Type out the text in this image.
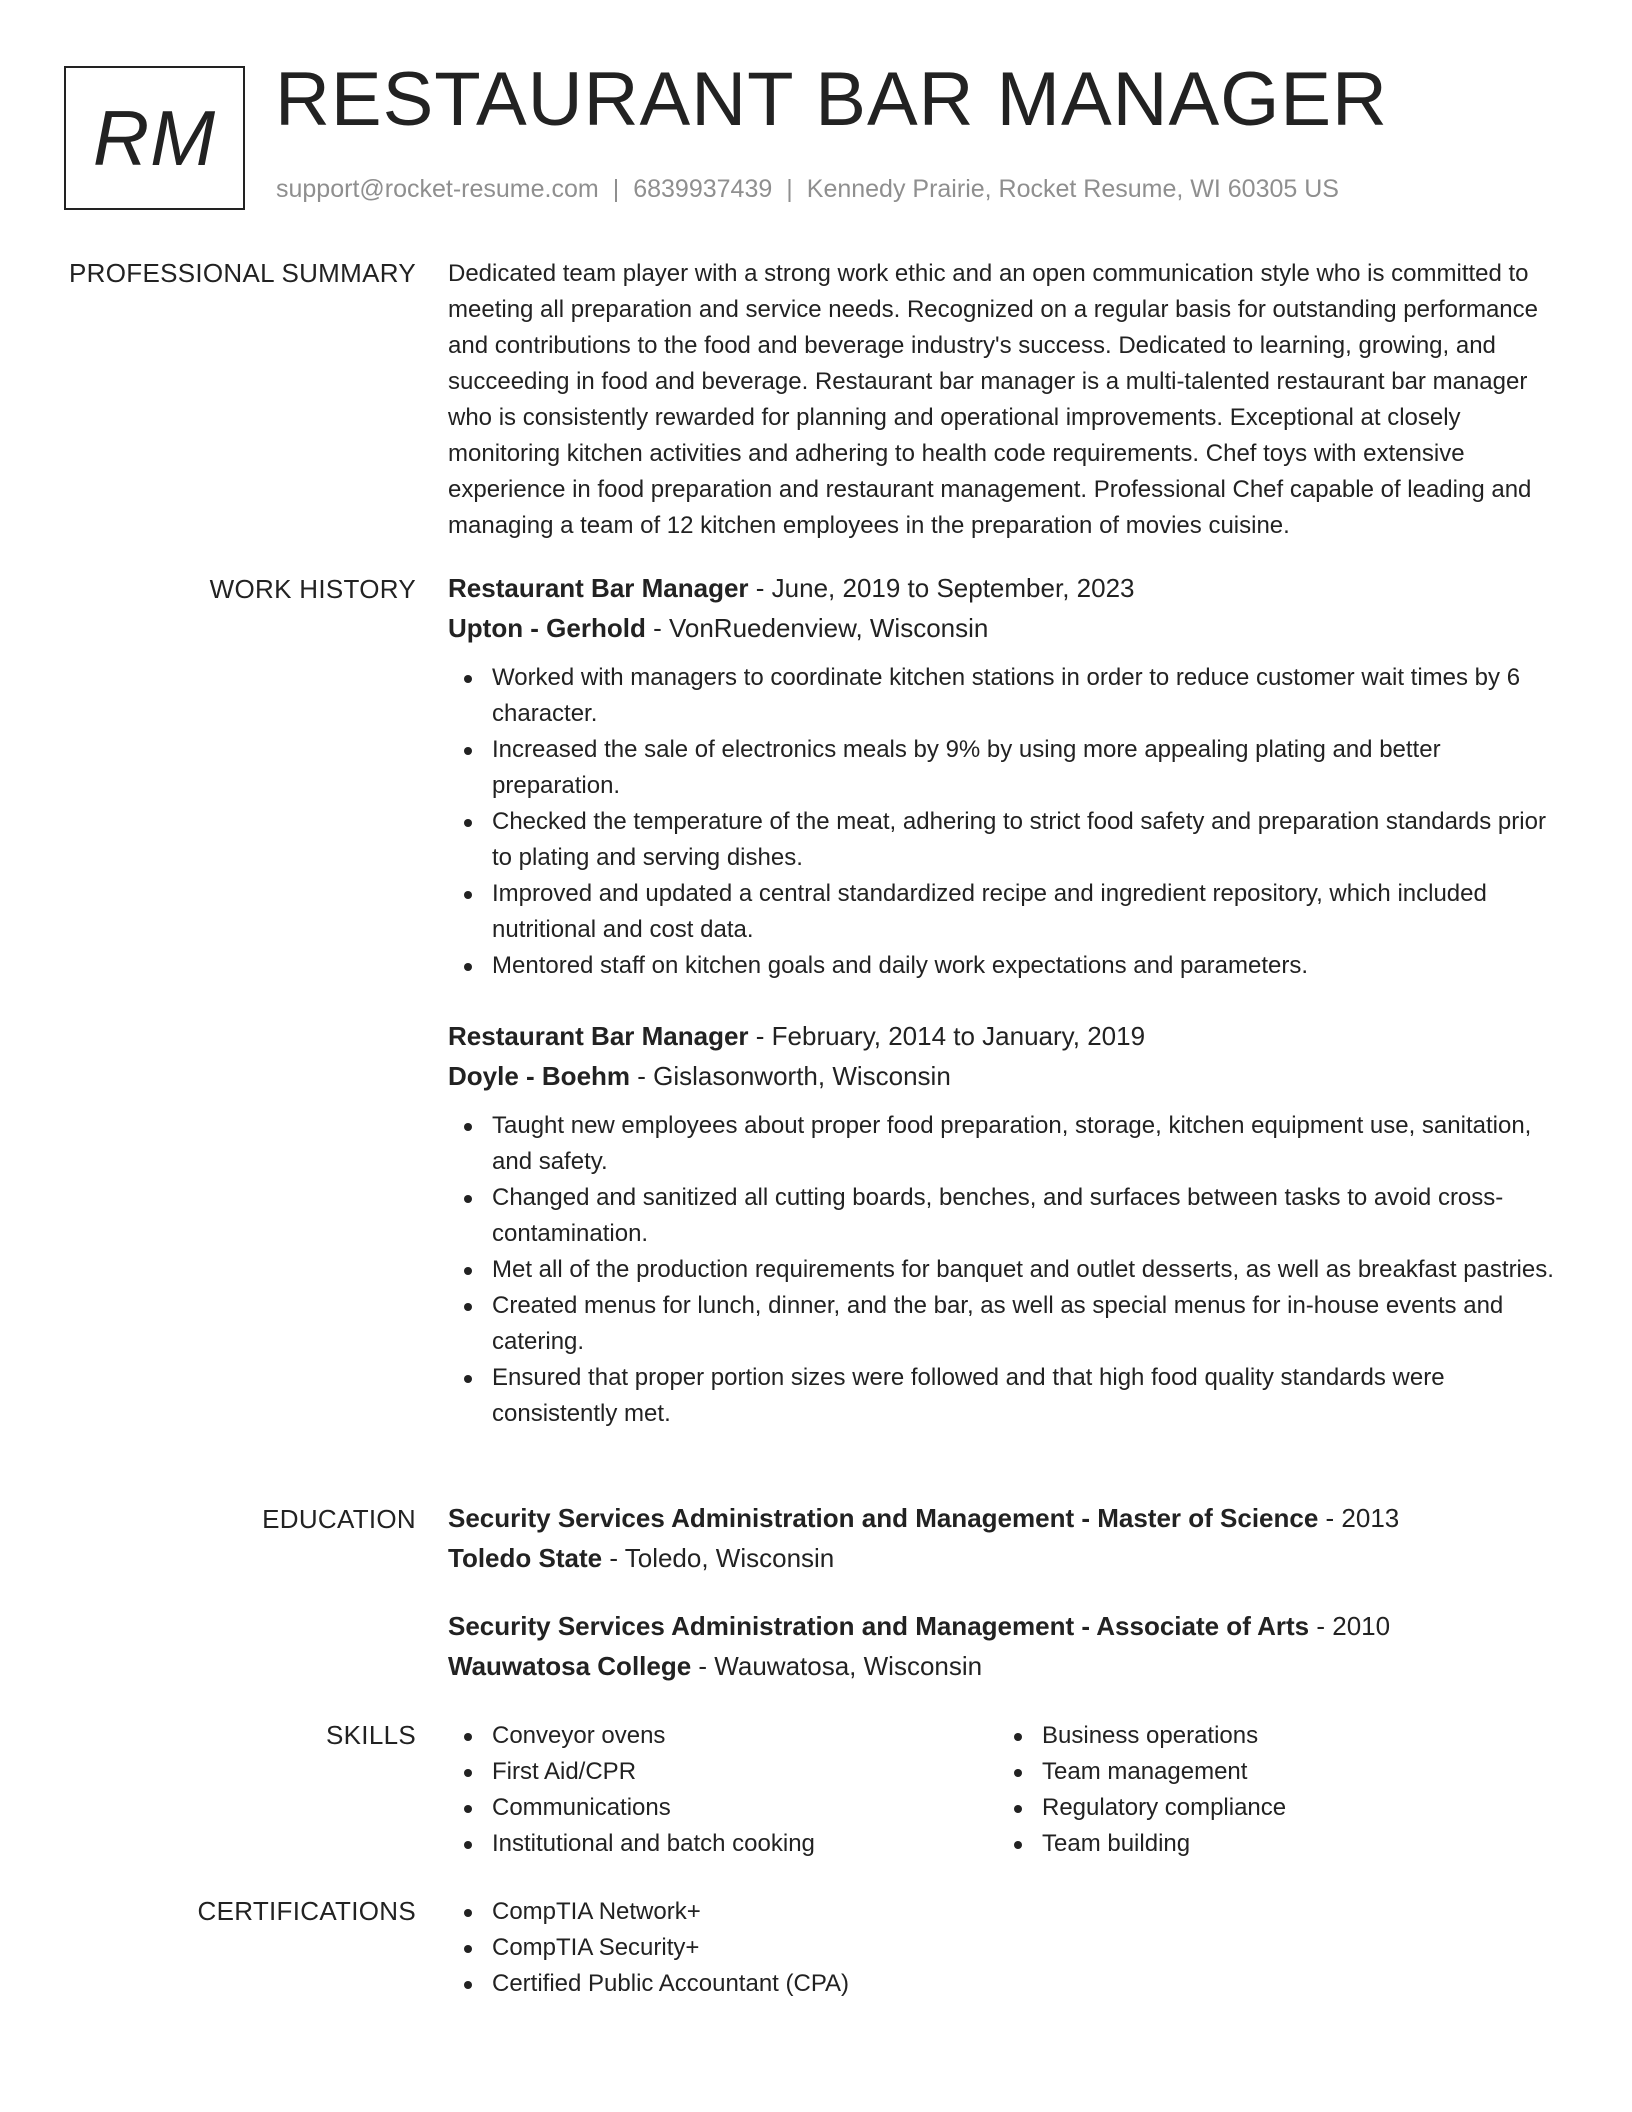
RM RESTAURANT BAR MANAGER
support@rocket-resume.com | 6839937439 | Kennedy Prairie, Rocket Resume, WI 60305 US
PROFESSIONAL SUMMARY Dedicated team player with a strong work ethic and an open communication style who is committed to meeting all preparation and service needs. Recognized on a regular basis for outstanding performance and contributions to the food and beverage industry's success. Dedicated to learning, growing, and succeeding in food and beverage. Restaurant bar manager is a multi-talented restaurant bar manager who is consistently rewarded for planning and operational improvements. Exceptional at closely monitoring kitchen activities and adhering to health code requirements. Chef toys with extensive experience in food preparation and restaurant management. Professional Chef capable of leading and managing a team of 12 kitchen employees in the preparation of movies cuisine.

WORK HISTORY Restaurant Bar Manager - June, 2019 to September, 2023
Upton - Gerhold - VonRuedenview, Wisconsin
Worked with managers to coordinate kitchen stations in order to reduce customer wait times by 6 character.
Increased the sale of electronics meals by 9% by using more appealing plating and better preparation.
Checked the temperature of the meat, adhering to strict food safety and preparation standards prior to plating and serving dishes.
Improved and updated a central standardized recipe and ingredient repository, which included nutritional and cost data.
Mentored staff on kitchen goals and daily work expectations and parameters.
Restaurant Bar Manager - February, 2014 to January, 2019
Doyle - Boehm - Gislasonworth, Wisconsin
Taught new employees about proper food preparation, storage, kitchen equipment use, sanitation, and safety.
Changed and sanitized all cutting boards, benches, and surfaces between tasks to avoid cross-contamination.
Met all of the production requirements for banquet and outlet desserts, as well as breakfast pastries.
Created menus for lunch, dinner, and the bar, as well as special menus for in-house events and catering.
Ensured that proper portion sizes were followed and that high food quality standards were consistently met.
EDUCATION Security Services Administration and Management - Master of Science - 2013
Toledo State - Toledo, Wisconsin
Security Services Administration and Management - Associate of Arts - 2010
Wauwatosa College - Wauwatosa, Wisconsin
SKILLS	Conveyor ovens
First Aid/CPR
Communications
Institutional and batch cooking
Business operations
Team management
Regulatory compliance
Team building
CERTIFICATIONS	CompTIA Network+
CompTIA Security+
Certified Public Accountant (CPA)
